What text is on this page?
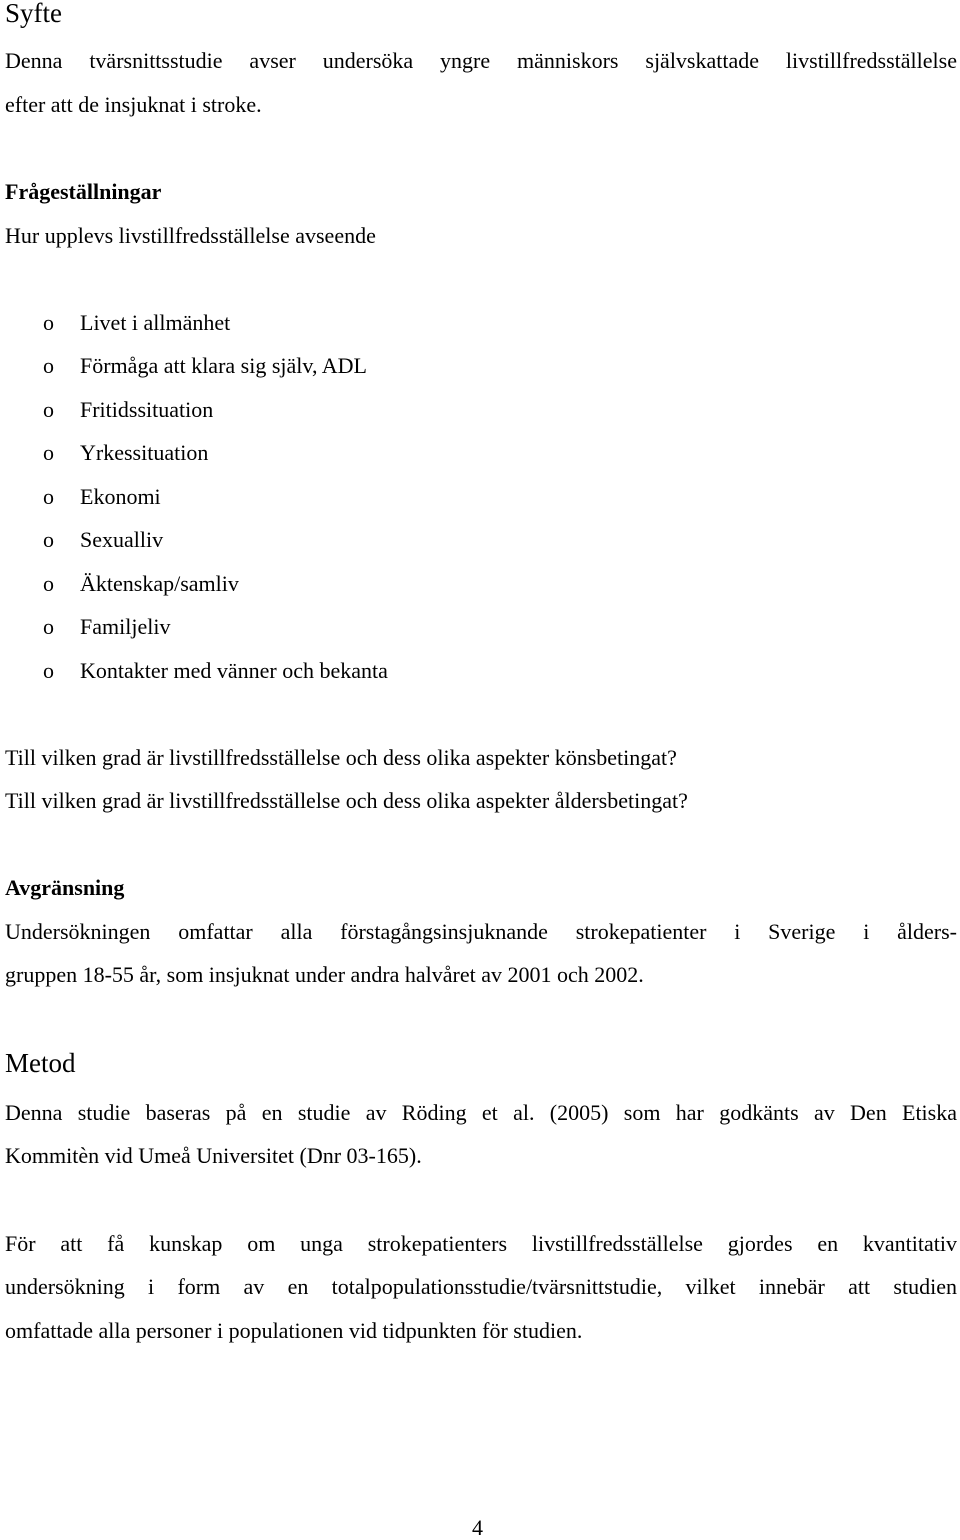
Syfte
Denna tvärsnittsstudie avser undersöka yngre människors självskattade livstillfredsställelse
efter att de insjuknat i stroke.
Frågeställningar
Hur upplevs livstillfredsställelse avseende
o Livet i allmänhet
o Förmåga att klara sig själv, ADL
o Fritidssituation
o Yrkessituation
o Ekonomi
o Sexualliv
o Äktenskap/samliv
o Familjeliv
o Kontakter med vänner och bekanta
Till vilken grad är livstillfredsställelse och dess olika aspekter könsbetingat?
Till vilken grad är livstillfredsställelse och dess olika aspekter åldersbetingat?
Avgränsning
Undersökningen omfattar alla förstagångsinsjuknande strokepatienter i Sverige i ålders-
gruppen 18-55 år, som insjuknat under andra halvåret av 2001 och 2002.
Metod
Denna studie baseras på en studie av Röding et al. (2005) som har godkänts av Den Etiska
Kommitèn vid Umeå Universitet (Dnr 03-165).
För att få kunskap om unga strokepatienters livstillfredsställelse gjordes en kvantitativ
undersökning i form av en totalpopulationsstudie/tvärsnittstudie, vilket innebär att studien
omfattade alla personer i populationen vid tidpunkten för studien.
4
